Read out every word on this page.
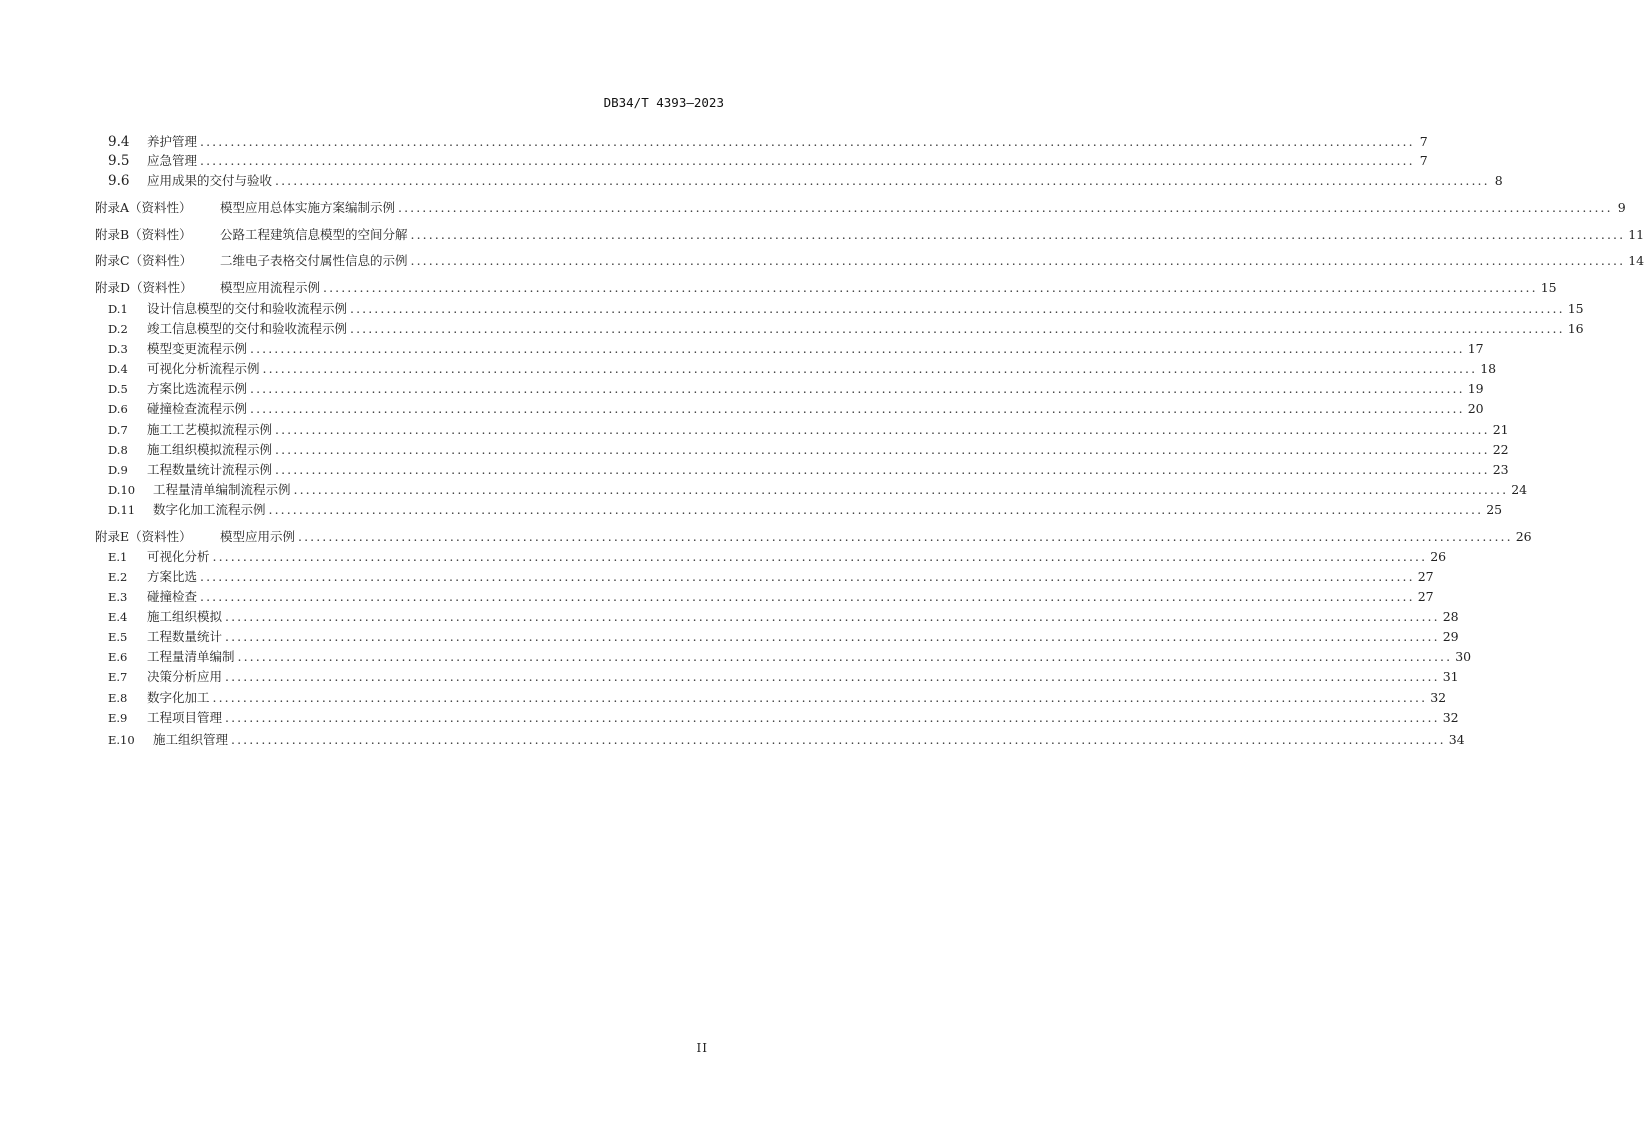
DB34/T 4393—2023
9.4 养护管理 ........................................................................................................................................................................................................ 7
9.5 应急管理 ........................................................................................................................................................................................................ 7
9.6 应用成果的交付与验收 ........................................................................................................................................................................................................ 8
附录A（资料性） 模型应用总体实施方案编制示例 ........................................................................................................................................................................................................ 9
附录B（资料性） 公路工程建筑信息模型的空间分解 ........................................................................................................................................................................................................ 11
附录C（资料性） 二维电子表格交付属性信息的示例 ........................................................................................................................................................................................................ 14
附录D（资料性） 模型应用流程示例 ........................................................................................................................................................................................................ 15
D.1 设计信息模型的交付和验收流程示例 ........................................................................................................................................................................................................ 15
D.2 竣工信息模型的交付和验收流程示例 ........................................................................................................................................................................................................ 16
D.3 模型变更流程示例 ........................................................................................................................................................................................................ 17
D.4 可视化分析流程示例 ........................................................................................................................................................................................................ 18
D.5 方案比选流程示例 ........................................................................................................................................................................................................ 19
D.6 碰撞检查流程示例 ........................................................................................................................................................................................................ 20
D.7 施工工艺模拟流程示例 ........................................................................................................................................................................................................ 21
D.8 施工组织模拟流程示例 ........................................................................................................................................................................................................ 22
D.9 工程数量统计流程示例 ........................................................................................................................................................................................................ 23
D.10 工程量清单编制流程示例 ........................................................................................................................................................................................................ 24
D.11 数字化加工流程示例 ........................................................................................................................................................................................................ 25
附录E（资料性） 模型应用示例 ........................................................................................................................................................................................................ 26
E.1 可视化分析 ........................................................................................................................................................................................................ 26
E.2 方案比选 ........................................................................................................................................................................................................ 27
E.3 碰撞检查 ........................................................................................................................................................................................................ 27
E.4 施工组织模拟 ........................................................................................................................................................................................................ 28
E.5 工程数量统计 ........................................................................................................................................................................................................ 29
E.6 工程量清单编制 ........................................................................................................................................................................................................ 30
E.7 决策分析应用 ........................................................................................................................................................................................................ 31
E.8 数字化加工 ........................................................................................................................................................................................................ 32
E.9 工程项目管理 ........................................................................................................................................................................................................ 32
E.10 施工组织管理 ........................................................................................................................................................................................................ 34
II
